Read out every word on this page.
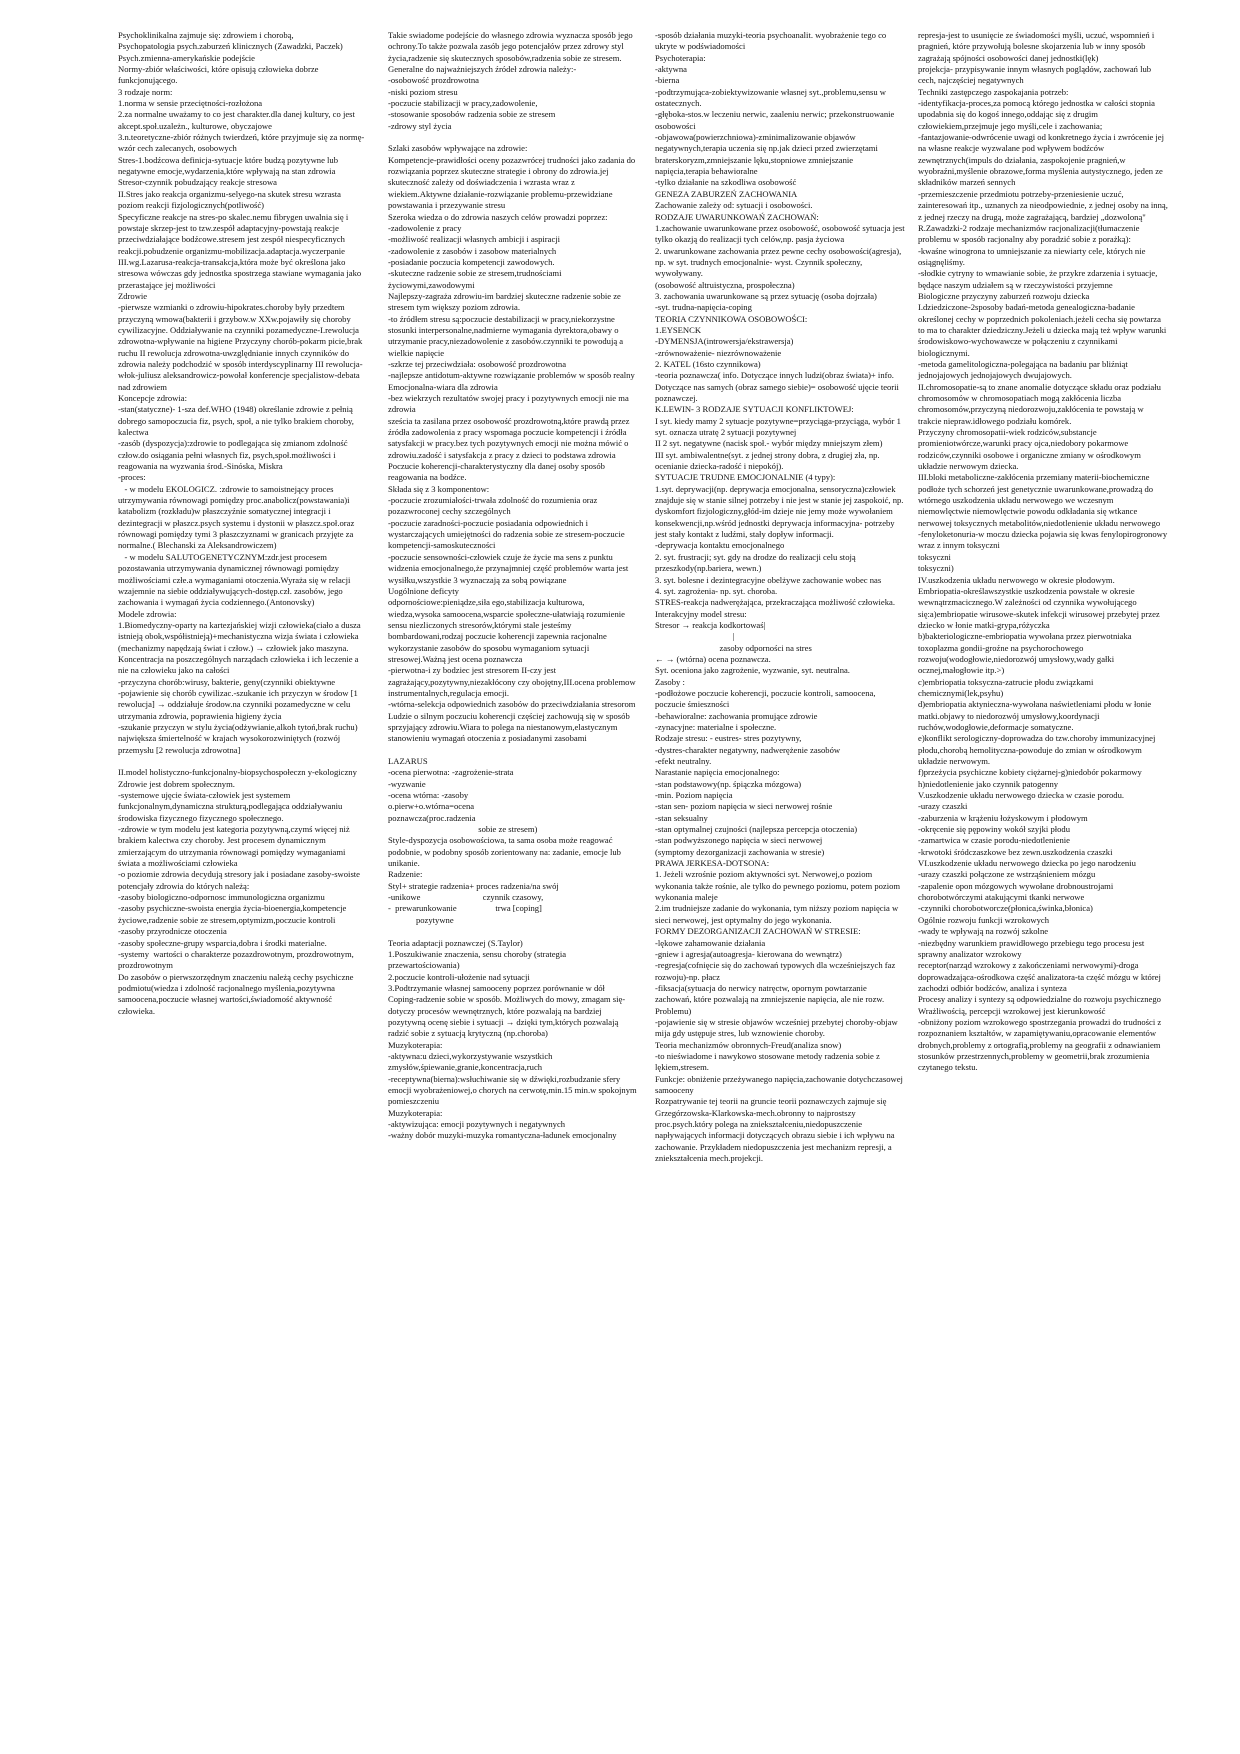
Psychoklinikalna zajmuje się: zdrowiem i chorobą,
Psychopatologia psych.zaburzeń klinicznych (Zawadzki, Paczek)
Psych.zmienna-amerykańskie podejście
Normy-zbiór właściwości, które opisują człowieka dobrze funkcjonującego.
3 rodzaje norm:
1.norma w sensie przeciętności-rozłożona
2.za normalne uważamy to co jest charakter.dla danej kultury, co jest akcept.społ.uzależn., kulturowe, obyczajowe
3.n.teoretyczne-zbiór różnych twierdzeń, które przyjmuje się za normę-wzór cech zalecanych, osobowych
Stres-1.bodźcowa definicja-sytuacje które budzą pozytywne lub negatywne emocje,wydarzenia,które wpływają na stan zdrowia
Stresor-czynnik pobudzający reakcje stresowa
II.Stres jako reakcja organizmu-selyego-na skutek stresu wzrasta poziom reakcji fizjologicznych(potliwość)
Specyficzne reakcje na stres-po skalec.nemu fibrygen uwalnia się i powstaje skrzep-jest to tzw.zespół adaptacyjny-powstają reakcje przeciwdziałające bodźcowe.stresem jest zespół niespecyficznych reakcji.pobudzenie organizmu-mobilizacja.adaptacja.wyczerpanie
III.wg.Lazarusa-reakcja-transakcja,która może być określona jako stresowa wówczas gdy jednostka spostrzega stawiane wymagania jako przerastające jej możliwości
Zdrowie
-pierwsze wzmianki o zdrowiu-hipokrates.choroby były przedtem przyczyną wmowa(bakterii i grzybow.w XXw.pojawiły się choroby cywilizacyjne. Oddziaływanie na czynniki pozamedyczne-I.rewolucja zdrowotna-wpływanie na higiene Przyczyny chorób-pokarm picie,brak ruchu II rewolucja zdrowotna-uwzględnianie innych czynników do zdrowia należy podchodzić w sposób interdyscyplinarny III rewolucja-włok-juliusz aleksandrowicz-powołał konferencje specjalistow-debata nad zdrowiem
Koncepcje zdrowia:
-stan(statyczne)- 1-sza def.WHO (1948) określanie zdrowie z pełnią dobrego samopoczucia fiz, psych, społ, a nie tylko brakiem choroby, kalectwa
-zasób (dyspozycja):zdrowie to podlegająca się zmianom zdolność człow.do osiągania pełni własnych fiz, psych,społ.możliwości i reagowania na wyzwania środ.-Sinóska, Miskra
-proces:
- w modelu EKOLOGICZ. :zdrowie to samoistnejący proces utrzymywania równowagi pomiędzy proc.anabolicz(powstawania)i katabolizm (rozkładu)w płaszczyźnie somatycznej integracji i dezintegracji w płaszcz.psych systemu i dystonii w płaszcz.społ.oraz równowagi pomiędzy tymi 3 płaszczyznami w granicach przyjęte za normalne.( Blechanski za Aleksandrowiczem)
- w modelu SALUTOGENETYCZNYM:zdr.jest procesem pozostawania utrzymywania dynamicznej równowagi pomiędzy możliwościami człe.a wymaganiami otoczenia.Wyraża się w relacji wzajemnie na siebie oddziaływujących-dostęp.czł. zasobów, jego zachowania i wymagań życia codziennego.(Antonovsky)
Modele zdrowia:
1.Biomedyczny-oparty na kartezjańskiej wizji człowieka(ciało a dusza istnieją obok,współistnieją)+mechanistyczna wizja świata i człowieka (mechanizmy napędzają świat i człow.) → człowiek jako maszyna. Koncentracja na poszczególnych narządach człowieka i ich leczenie a nie na człowieku jako na całości
-przyczyna chorób:wirusy, bakterie, geny(czynniki obiektywne
-pojawienie się chorób cywilizac.-szukanie ich przyczyn w środow [1 rewolucja] → oddziałuje środow.na czynniki pozamedyczne w celu utrzymania zdrowia, poprawienia higieny życia
-szukanie przyczyn w stylu życia(odżywianie,alkoh tytoń,brak ruchu) największa śmiertelność w krajach wysokorozwiniętych (rozwój przemysłu [2 rewolucja zdrowotna]

II.model holistyczno-funkcjonalny-biopsychospołeczn y-ekologiczny
Zdrowie jest dobrem społecznym.
-systemowe ujęcie świata-człowiek jest systemem funkcjonalnym,dynamiczna strukturą,podlegająca oddziaływaniu środowiska fizycznego fizycznego społecznego.
-zdrowie w tym modelu jest kategoria pozytywną,czymś więcej niż brakiem kalectwa czy choroby. Jest procesem dynamicznym zmierzającym do utrzymania równowagi pomiędzy wymaganiami świata a możliwościami człowieka
-o poziomie zdrowia decydują stresory jak i posiadane zasoby-swoiste potencjały zdrowia do których należą:
-zasoby biologiczno-odpornosc immunologiczna organizmu
-zasoby psychiczne-swoista energia życia-bioenergia,kompetencje życiowe,radzenie sobie ze stresem,optymizm,poczucie kontroli
-zasoby przyrodnicze otoczenia
-zasoby społeczne-grupy wsparcia,dobra i środki materialne.
-systemy  wartości o charakterze pozazdrowotnym, prozdrowotnym, prozdrowotnym
Do zasobów o pierwszorzędnym znaczeniu należą cechy psychiczne podmiotu(wiedza i zdolność racjonalnego myślenia,pozytywna samoocena,poczucie własnej wartości,świadomość aktywność człowieka.
Takie swiadome podejście do własnego zdrowia wyznacza sposób jego ochrony.To także pozwala zasób jego potencjałów przez zdrowy styl życia,radzenie się skutecznych sposobów,radzenia sobie ze stresem.
Generalne do najważniejszych źródeł zdrowia należy:-
-osobowość prozdrowotna
-niski poziom stresu
-poczucie stabilizacji w pracy,zadowolenie,
-stosowanie sposobów radzenia sobie ze stresem
-zdrowy styl życia

Szlaki zasobów wpływające na zdrowie:
Kompetencje-prawidłości oceny pozazwrócej trudności jako zadania do rozwiązania poprzez skuteczne strategie i obrony do zdrowia.jej skuteczność zależy od doświadczenia i wzrasta wraz z wiekiem.Aktywne działanie-rozwiązanie problemu-przewidziane powstawania i przezywanie stresu
Szeroka wiedza o do zdrowia naszych celów prowadzi poprzez:
-zadowolenie z pracy
-możliwość realizacji własnych ambicji i aspiracji
-zadowolenie z zasobów i zasobow materialnych
-posiadanie poczucia kompetencji zawodowych.
-skuteczne radzenie sobie ze stresem,trudnościami życiowymi,zawodowymi
Najlepszy-zagraża zdrowiu-im bardziej skuteczne radzenie sobie ze stresem tym większy poziom zdrowia.
-to źródłem stresu są:poczucie destabilizacji w pracy,niekorzystne stosunki interpersonalne,nadmierne wymagania dyrektora,obawy o utrzymanie pracy,niezadowolenie z zasobów.czynniki te powodują a wielkie napięcie
-szkrze tej przeciwdziała: osobowość prozdrowotna
-najlepsze antidotum-aktywne rozwiązanie problemów w sposób realny
Emocjonalna-wiara dla zdrowia
-bez wiekrzych rezultatów swojej pracy i pozytywnych emocji nie ma zdrowia
sześcia ta zasilana przez osobowość prozdrowotną,które prawdą przez źródła zadowolenia z pracy wspomaga poczucie kompetencji i źródła satysfakcji w pracy.bez tych pozytywnych emocji nie można mówić o zdrowiu.zadość i satysfakcja z pracy z dzieci to podstawa zdrowia
Poczucie koherencji-charakterystyczny dla danej osoby sposób reagowania na bodźce.
Składa się z 3 komponentow:
-poczucie zrozumiałości-trwała zdolność do rozumienia oraz pozazwroconej cechy szczególnych
-poczucie zaradności-poczucie posiadania odpowiednich i wystarczających umiejętności do radzenia sobie ze stresem-poczucie kompetencji-samoskuteczności
-poczucie sensowności-człowiek czuje że życie ma sens z punktu widzenia emocjonalnego,że przynajmniej część problemów warta jest wysiłku,wszystkie 3 wyznaczają za sobą powiązane
Uogólnione deficyty
odpornościowe:pieniądze,siła ego,stabilizacja kulturowa, wiedza,wysoka samoocena,wsparcie społeczne-ułatwiają rozumienie sensu niezliczonych stresorów,którymi stale jesteśmy bombardowani,rodzaj poczucie koherencji zapewnia racjonalne wykorzystanie zasobów do sposobu wymaganiom sytuacji stresowej.Ważną jest ocena poznawcza
-pierwotna-i zy bodziec jest stresorem II-czy jest zagrażający,pozytywny,niezakłócony czy obojętny,III.ocena problemow instrumentalnych,regulacja emocji.
-wtórna-selekcja odpowiednich zasobów do przeciwdziałania stresorom
Ludzie o silnym poczuciu koherencji częściej zachowują się w sposób sprzyjający zdrowiu.Wiara to polega na niestanowym,elastycznym stanowieniu wymagań otoczenia z posiadanymi zasobami

LAZARUS
-ocena pierwotna: -zagrożenie-strata
-wyzwanie
-ocena wtórna: -zasoby
o.pierw+o.wtórna=ocena
poznawcza(proc.radzenia
sobie ze stresem)
Style-dyspozycja osobowościowa, ta sama osoba może reagować podobnie, w podobny sposób zorientowany na: zadanie, emocje lub unikanie.
Radzenie:
Styl+ strategie radzenia+ proces radzenia/na swój
-unikowe                             czynnik czasowy,
-  prewarunkowanie                  trwa [coping]
pozytywne

Teoria adaptacji poznawczej (S.Taylor)
1.Poszukiwanie znaczenia, sensu choroby (strategia przewartościowania)
2.poczucie kontroli-ułożenie nad sytuacji
3.Podtrzymanie własnej samooceny poprzez porównanie w dół
Coping-radzenie sobie w sposób. Możliwych do mowy, zmagam się-dotyczy procesów wewnętrznych, które pozwalają na bardziej pozytywną ocenę siebie i sytuacji → dzięki tym,których pozwalają radzić sobie z sytuacją krytyczną (np.choroba)
Muzykoterapia:
-aktywna:u dzieci,wykorzystywanie wszystkich zmysłów,śpiewanie,granie,koncentracja,ruch
-receptywna(bierna):wsłuchiwanie się w dźwięki,rozbudzanie sfery emocji wyobrażeniowej,o chorych na cerwotę,min.15 min.w spokojnym pomieszczeniu
Muzykoterapia:
-aktywizująca: emocji pozytywnych i negatywnych
-ważny dobór muzyki-muzyka romantyczna-ładunek emocjonalny
-sposób działania muzyki-teoria psychoanalit. wyobrażenie tego co ukryte w podświadomości
Psychoterapia:
-aktywna
-bierna
-podtrzymująca-zobiektywizowanie własnej syt.,problemu,sensu w ostatecznych.
-głęboka-stos.w leczeniu nerwic, zaaleniu nerwic; przekonstruowanie osobowości
-objawowa(powierzchniowa)-zminimalizowanie objawów negatywnych,terapia uczenia się np.jak dzieci przed zwierzętami
braterskoryzm,zmniejszanie lęku,stopniowe zmniejszanie napięcia,terapia behawioralne
-tylko działanie na szkodliwa osobowość
GENEZA ZABURZEŃ ZACHOWANIA
Zachowanie zależy od: sytuacji i osobowości.
RODZAJE UWARUNKOWAŃ ZACHOWAŃ:
1.zachowanie uwarunkowane przez osobowość, osobowość sytuacja jest tylko okazją do realizacji tych celów,np. pasja życiowa
2. uwarunkowane zachowania przez pewne cechy osobowości(agresja), np. w syt. trudnych emocjonalnie- wyst. Czynnik społeczny, wywoływany.
(osobowość altruistyczna, prospołeczna)
3. zachowania uwarunkowane są przez sytuację (osoba dojrzała)
-syt. trudna-napięcia-coping
TEORIA CZYNNIKOWA OSOBOWOŚCI:
1.EYSENCK
-DYMENSJA(introwersja/ekstrawersja)
-zrównoważenie- niezrównoważenie
2. KATEL (16sto czynnikowa)
-teoria poznawcza( info. Dotyczące innych ludzi(obraz świata)+ info. Dotyczące nas samych (obraz samego siebie)= osobowość ujęcie teorii poznawczej.
K.LEWIN- 3 RODZAJE SYTUACJI KONFLIKTOWEJ:
I syt. kiedy mamy 2 sytuacje pozytywne=przyciąga-przyciąga, wybór 1 syt. oznacza utratę 2 sytuacji pozytywnej
II 2 syt. negatywne (nacisk społ.- wybór między mniejszym złem)
III syt. ambiwalentne(syt. z jednej strony dobra, z drugiej zła, np. ocenianie dziecka-radość i niepokój).
SYTUACJE TRUDNE EMOCJONALNIE (4 typy):
1.syt. deprywacji(np. deprywacja emocjonalna, sensoryczna)człowiek znajduje się w stanie silnej potrzeby i nie jest w stanie jej zaspokoić, np. dyskomfort fizjologiczny,głód-im dzieje nie jemy może wywołaniem konsekwencji,np.wśród jednostki deprywacja informacyjna- potrzeby jest stały kontakt z ludźmi, stały dopływ informacji.
-deprywacja kontaktu emocjonalnego
2. syt. frustracji; syt. gdy na drodze do realizacji celu stoją przeszkody(np.bariera, wewn.)
3. syt. bolesne i dezintegracyjne obelżywe zachowanie wobec nas
4. syt. zagrożenia- np. syt. choroba.
STRES-reakcja nadwerężająca, przekraczająca możliwość człowieka.
Interakcyjny model stresu:
Stresor → reakcja kodkortowaś|
|
zasoby odporności na stres
← → (wtórna) ocena poznawcza.
Syt. oceniona jako zagrożenie, wyzwanie, syt. neutralna.
Zasoby :
-podłożowe poczucie koherencji, poczucie kontroli, samoocena, poczucie śmieszności
-behawioralne: zachowania promujące zdrowie
-zynacyjne: materialne i społeczne.
Rodzaje stresu: - eustres- stres pozytywny,
-dystres-charakter negatywny, nadwerężenie zasobów
-efekt neutralny.
Narastanie napięcia emocjonalnego:
-stan podstawowy(np. śpiączka mózgowa)
-min. Poziom napięcia
-stan sen- poziom napięcia w sieci nerwowej rośnie
-stan seksualny
-stan optymalnej czujności (najlepsza percepcja otoczenia)
-stan podwyższonego napięcia w sieci nerwowej
(symptomy dezorganizacji zachowania w stresie)
PRAWA JERKESA-DOTSONA:
1. Jeżeli wzrośnie poziom aktywności syt. Nerwowej,o poziom wykonania także rośnie, ale tylko do pewnego poziomu, potem poziom wykonania maleje
2.im trudniejsze zadanie do wykonania, tym niższy poziom napięcia w sieci nerwowej, jest optymalny do jego wykonania.
FORMY DEZORGANIZACJI ZACHOWAŃ W STRESIE:
-lękowe zahamowanie działania
-gniew i agresja(autoagresja- kierowana do wewnątrz)
-regresja(cofnięcie się do zachowań typowych dla wcześniejszych faz rozwoju)-np. płacz
-fiksacja(sytuacja do nerwicy natręctw, opornym powtarzanie zachowań, które pozwalają na zmniejszenie napięcia, ale nie rozw. Problemu)
-pojawienie się w stresie objawów wcześniej przebytej choroby-objaw mija gdy ustępuje stres, lub wznowienie choroby.
Teoria mechanizmów obronnych-Freud(analiza snow)
-to nieświadome i nawykowo stosowane metody radzenia sobie z lękiem,stresem.
Funkcje: obniżenie przeżywanego napięcia,zachowanie dotychczasowej samooceny
Rozpatrywanie tej teorii na gruncie teorii poznawczych zajmuje się Grzegórzowska-Klarkowska-mech.obronny to najprostszy proc.psych.który polega na zniekształceniu,niedopuszczenie napływających informacji dotyczących obrazu siebie i ich wpływu na zachowanie. Przykładem niedopuszczenia jest mechanizm represji, a zniekształcenia mech.projekcji.
represja-jest to usunięcie ze świadomości myśli, uczuć, wspomnień i pragnień, które przywołują bolesne skojarzenia lub w inny sposób zagrażają spójności osobowości danej jednostki(lęk)
projekcja- przypisywanie innym własnych poglądów, zachowań lub cech, najczęściej negatywnych
Techniki zastępczego zaspokajania potrzeb:
-identyfikacja-proces,za pomocą którego jednostka w całości stopnia upodabnia się do kogoś innego,oddając się z drugim człowiekiem,przejmuje jego myśli,cele i zachowania;
-fantazjowanie-odwrócenie uwagi od konkretnego życia i zwrócenie jej na własne reakcje wyzwalane pod wpływem bodźców zewnętrznych(impuls do działania, zaspokojenie pragnień,w wyobraźni,myślenie obrazowe,forma myślenia autystycznego, jeden ze składników marzeń sennych
-przemieszczenie przedmiotu potrzeby-przeniesienie uczuć, zainteresowań itp., uznanych za nieodpowiednie, z jednej osoby na inną, z jednej rzeczy na drugą, może zagrażającą, bardziej „dozwoloną"
R.Zawadzki-2 rodzaje mechanizmów racjonalizacji(tłumaczenie problemu w sposób racjonalny aby poradzić sobie z porażką):
-kwaśne winogrona to umniejszanie za niewiarty cele, których nie osiągnęliśmy.
-słodkie cytryny to wmawianie sobie, że przykre zdarzenia i sytuacje, będące naszym udziałem są w rzeczywistości przyjemne
Biologiczne przyczyny zaburzeń rozwoju dziecka
I.dziedziczone-2sposoby badań-metoda genealogiczna-badanie określonej cechy w poprzednich pokoleniach.jeżeli cecha się powtarza to ma to charakter dziedziczny.Jeżeli u dziecka mają też wpływ warunki środowiskowo-wychowawcze w połączeniu z czynnikami biologicznymi.
-metoda gamelitologiczna-polegająca na badaniu par bliźniąt jednojajowych jednojajowych dwujajowych.
II.chromosopatie-są to znane anomalie dotyczące składu oraz podziału chromosomów w chromosopatiach mogą zakłócenia liczba chromosomów,przyczyną niedorozwoju,zakłócenia te powstają w trakcie niepraw.idłowego podziału komórek.
Przyczyny chromosopatii-wiek rodziców,substancje promieniotwórcze,warunki pracy ojca,niedobory pokarmowe rodziców,czynniki osobowe i organiczne zmiany w ośrodkowym układzie nerwowym dziecka.
III.bloki metaboliczne-zakłócenia przemiany materii-biochemiczne podłoże tych schorzeń jest genetycznie uwarunkowane,prowadzą do wtórnego uszkodzenia układu nerwowego we wczesnym niemowlęctwie niemowlęctwie powodu odkładania się wtkance nerwowej toksycznych metabolitów,niedotlenienie układu nerwowego
-fenyloketonuria-w moczu dziecka pojawia się kwas fenylopirogronowy wraz z innym toksyczni
toksyczni
toksyczni)
IV.uszkodzenia układu nerwowego w okresie płodowym.
Embriopatia-określawszystkie uszkodzenia powstałe w okresie wewnątrzmacicznego.W zależności od czynnika wywołującego się:a)embriopatie wirusowe-skutek infekcji wirusowej przebytej przez dziecko w łonie matki-grypa,różyczka
b)bakteriologiczne-embriopatia wywołana przez pierwotniaka toxoplazma gondii-groźne na psychorochowego rozwoju(wodogłowie,niedorozwój umysłowy,wady gałki ocznej,małogłowie itp.>)
c)embriopatia toksyczna-zatrucie płodu związkami chemicznymi(lek,psyhu)
d)embriopatia aktynieczna-wywołana naświetleniami płodu w łonie matki.objawy to niedorozwój umysłowy,koordynacji ruchów,wodogłowie,deformacje somatyczne.
e)konflikt serologiczny-doprowadza do tzw.choroby immunizacyjnej płodu,chorobą hemolityczna-powoduje do zmian w ośrodkowym układzie nerwowym.
f)przeżycia psychiczne kobiety ciężarnej-g)niedobór pokarmowy
h)niedotlenienie jako czynnik patogenny
V.uszkodzenie układu nerwowego dziecka w czasie porodu.
-urazy czaszki
-zaburzenia w krążeniu łożyskowym i płodowym
-okręcenie się pępowiny wokół szyjki płodu
-zamartwica w czasie porodu-niedotlenienie
-krwotoki śródczaszkowe bez zewn.uszkodzenia czaszki
VI.uszkodzenie układu nerwowego dziecka po jego narodzeniu
-urazy czaszki połączone ze wstrząśnieniem mózgu
-zapalenie opon mózgowych wywołane drobnoustrojami chorobotwórczymi atakującymi tkanki nerwowe
-czynniki chorobotworcze(płonica,świnka,błonica)
Ogólnie rozwoju funkcji wzrokowych
-wady te wpływają na rozwój szkolne
-niezbędny warunkiem prawidłowego przebiegu tego procesu jest sprawny analizator wzrokowy
receptor(narząd wzrokowy z zakończeniami nerwowymi)-droga doprowadzająca-ośrodkowa część analizatora-ta część mózgu w której zachodzi odbiór bodźców, analiza i synteza
Procesy analizy i syntezy są odpowiedzialne do rozwoju psychicznego
Wrażliwością, percepcji wzrokowej jest kierunkowość
-obniżony poziom wzrokowego spostrzegania prowadzi do trudności z rozpoznaniem kształtów, w zapamiętywaniu,opracowanie elementów drobnych,problemy z ortografią,problemy na geografii z odnawianiem stosunków przestrzennych,problemy w geometrii,brak zrozumienia czytanego tekstu.
